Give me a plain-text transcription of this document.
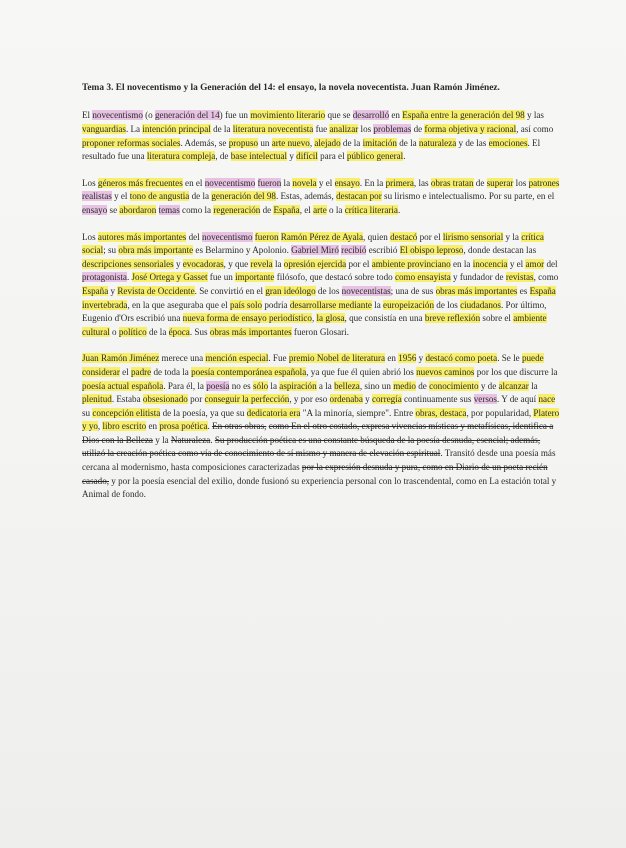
Tema 3. El novecentismo y la Generación del 14: el ensayo, la novela novecentista. Juan Ramón Jiménez.

El novecentismo (o generación del 14) fue un movimiento literario que se desarrolló en España entre la generación del 98 y las vanguardias. La intención principal de la literatura novecentista fue analizar los problemas de forma objetiva y racional, así como proponer reformas sociales. Además, se propuso un arte nuevo, alejado de la imitación de la naturaleza y de las emociones. El resultado fue una literatura compleja, de base intelectual y difícil para el público general.

Los géneros más frecuentes en el novecentismo fueron la novela y el ensayo. En la primera, las obras tratan de superar los patrones realistas y el tono de angustia de la generación del 98. Estas, además, destacan por su lirismo e intelectualismo. Por su parte, en el ensayo se abordaron temas como la regeneración de España, el arte o la crítica literaria.

Los autores más importantes del novecentismo fueron Ramón Pérez de Ayala, quien destacó por el lirismo sensorial y la crítica social; su obra más importante es Belarmino y Apolonio. Gabriel Miró recibió escribió El obispo leproso, donde destacan las descripciones sensoriales y evocadoras, y que revela la opresión ejercida por el ambiente provinciano en la inocencia y el amor del protagonista. José Ortega y Gasset fue un importante filósofo, que destacó sobre todo como ensayista y fundador de revistas, como España y Revista de Occidente. Se convirtió en el gran ideólogo de los novecentistas; una de sus obras más importantes es España invertebrada, en la que aseguraba que el país solo podría desarrollarse mediante la europeización de los ciudadanos. Por último, Eugenio d'Ors escribió una nueva forma de ensayo periodístico, la glosa, que consistía en una breve reflexión sobre el ambiente cultural o político de la época. Sus obras más importantes fueron Glosari.

Juan Ramón Jiménez merece una mención especial. Fue premio Nobel de literatura en 1956 y destacó como poeta. Se le puede considerar el padre de toda la poesía contemporánea española, ya que fue él quien abrió los nuevos caminos por los que discurre la poesía actual española. Para él, la poesía no es sólo la aspiración a la belleza, sino un medio de conocimiento y de alcanzar la plenitud. Estaba obsesionado por conseguir la perfección, y por eso ordenaba y corregía continuamente sus versos. Y de aquí nace su concepción elitista de la poesía, ya que su dedicatoria era "A la minoría, siempre". Entre obras, destaca, por popularidad, Platero y yo, libro escrito en prosa poética. En otras obras, como En el otro costado, expresa vivencias místicas y metafísicas, identifica a Dios con la Belleza y la Naturaleza. Su producción poética es una constante búsqueda de la poesía desnuda, esencial; además, utilizó la creación poética como vía de conocimiento de sí mismo y manera de elevación espiritual. Transitó desde una poesía más cercana al modernismo, hasta composiciones caracterizadas por la expresión desnuda y pura, como en Diario de un poeta recién casado, y por la poesía esencial del exilio, donde fusionó su experiencia personal con lo trascendental, como en La estación total y Animal de fondo.
